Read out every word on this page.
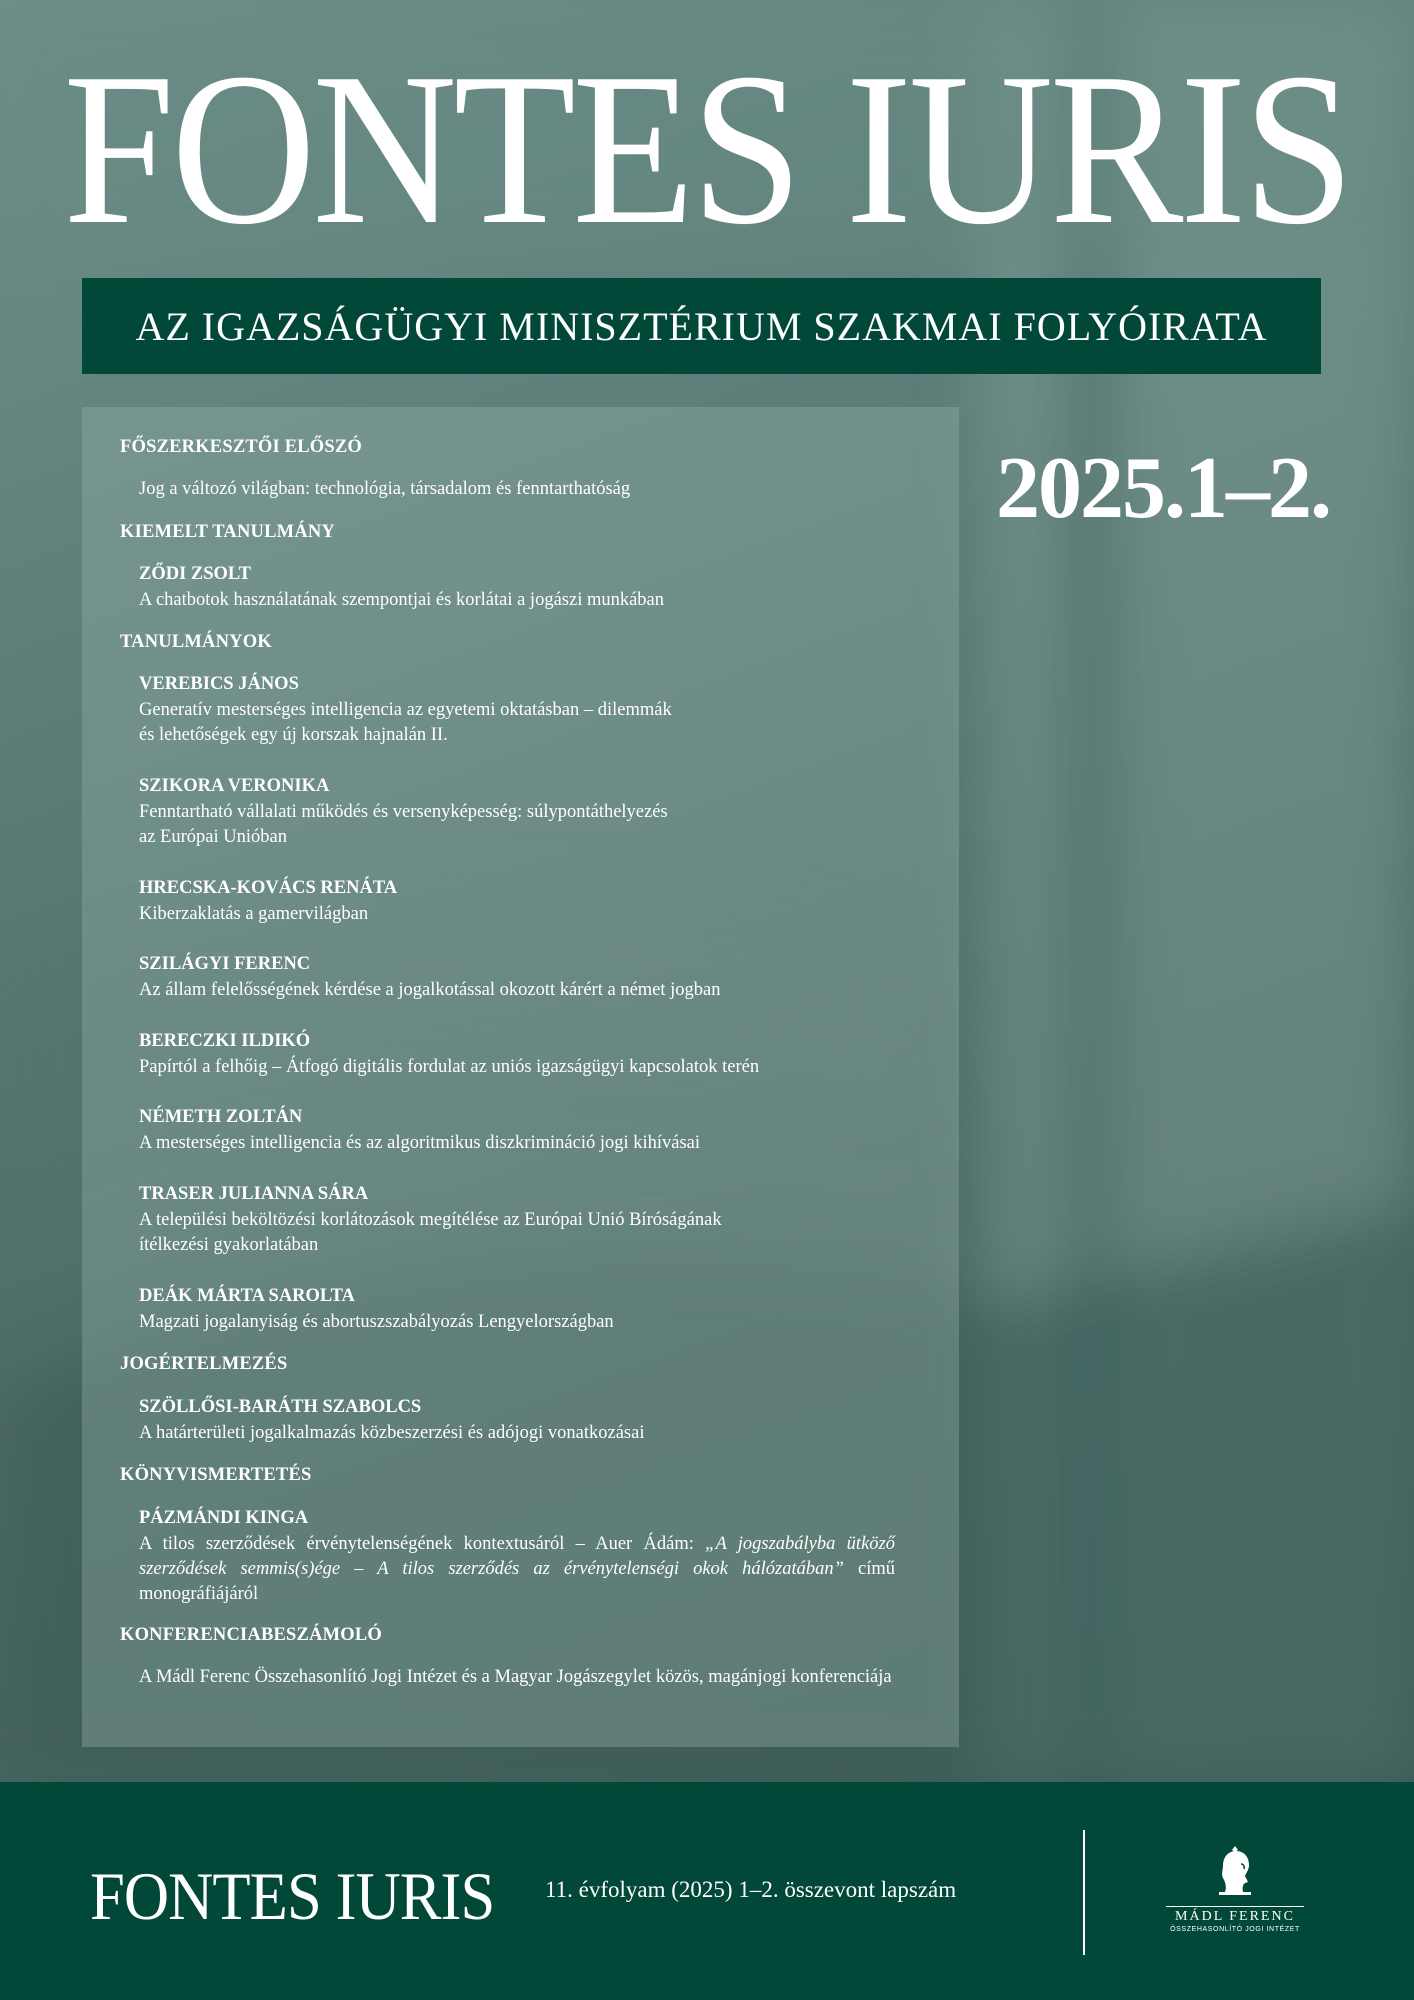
FONTES IURIS
AZ IGAZSÁGÜGYI MINISZTÉRIUM SZAKMAI FOLYÓIRATA
2025.1–2.
FŐSZERKESZTŐI ELŐSZÓ
Jog a változó világban: technológia, társadalom és fenntarthatóság
KIEMELT TANULMÁNY
ZŐDI ZSOLT
A chatbotok használatának szempontjai és korlátai a jogászi munkában
TANULMÁNYOK
VEREBICS JÁNOS
Generatív mesterséges intelligencia az egyetemi oktatásban – dilemmák
és lehetőségek egy új korszak hajnalán II.
SZIKORA VERONIKA
Fenntartható vállalati működés és versenyképesség: súlypontáthelyezés
az Európai Unióban
HRECSKA-KOVÁCS RENÁTA
Kiberzaklatás a gamervilágban
SZILÁGYI FERENC
Az állam felelősségének kérdése a jogalkotással okozott kárért a német jogban
BERECZKI ILDIKÓ
Papírtól a felhőig – Átfogó digitális fordulat az uniós igazságügyi kapcsolatok terén
NÉMETH ZOLTÁN
A mesterséges intelligencia és az algoritmikus diszkrimináció jogi kihívásai
TRASER JULIANNA SÁRA
A települési beköltözési korlátozások megítélése az Európai Unió Bíróságának
ítélkezési gyakorlatában
DEÁK MÁRTA SAROLTA
Magzati jogalanyiság és abortuszszabályozás Lengyelországban
JOGÉRTELMEZÉS
SZÖLLŐSI-BARÁTH SZABOLCS
A határterületi jogalkalmazás közbeszerzési és adójogi vonatkozásai
KÖNYVISMERTETÉS
PÁZMÁNDI KINGA
A tilos szerződések érvénytelenségének kontextusáról – Auer Ádám: „A jogszabályba ütköző szerződések semmis(s)ége – A tilos szerződés az érvénytelenségi okok hálózatában” című monográfiájáról
KONFERENCIABESZÁMOLÓ
A Mádl Ferenc Összehasonlító Jogi Intézet és a Magyar Jogászegylet közös, magánjogi konferenciája
FONTES IURIS 11. évfolyam (2025) 1–2. összevont lapszám
MÁDL FERENC
ÖSSZEHASONLÍTÓ JOGI INTÉZET
